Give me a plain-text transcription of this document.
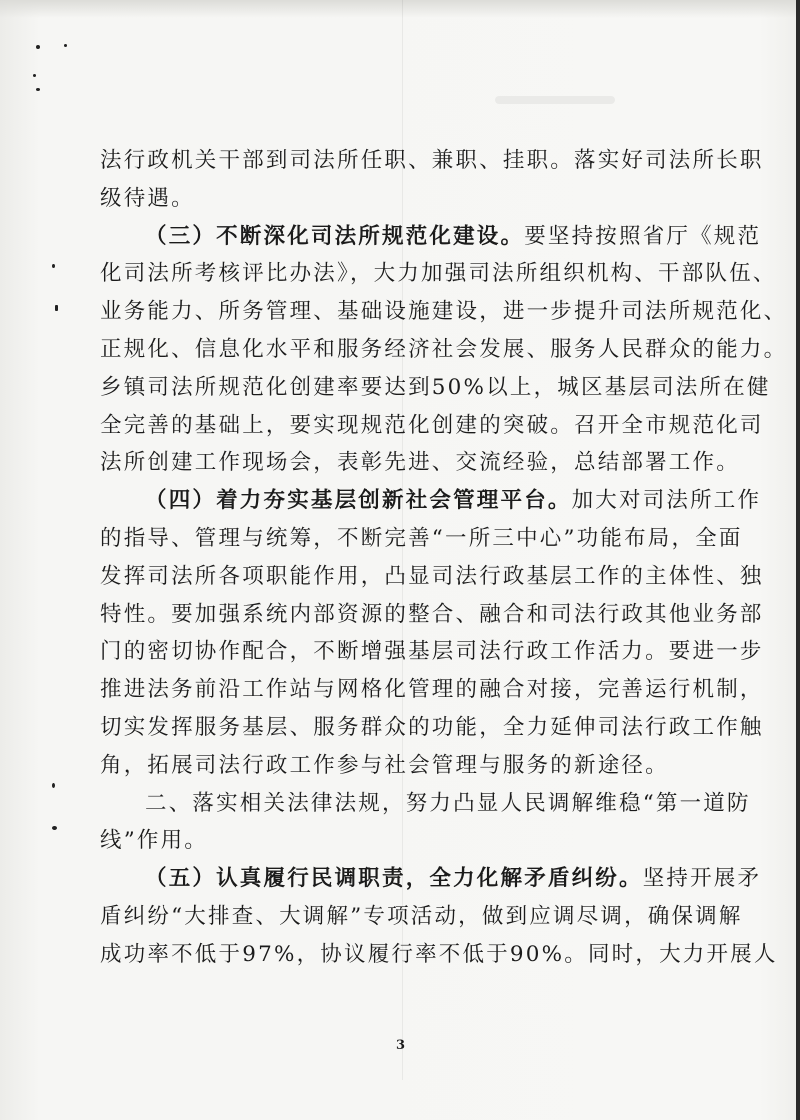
法行政机关干部到司法所任职、兼职、挂职。落实好司法所长职
级待遇。
（三）不断深化司法所规范化建设。要坚持按照省厅《规范
化司法所考核评比办法》，大力加强司法所组织机构、干部队伍、
业务能力、所务管理、基础设施建设，进一步提升司法所规范化、
正规化、信息化水平和服务经济社会发展、服务人民群众的能力。
乡镇司法所规范化创建率要达到50%以上，城区基层司法所在健
全完善的基础上，要实现规范化创建的突破。召开全市规范化司
法所创建工作现场会，表彰先进、交流经验，总结部署工作。
（四）着力夯实基层创新社会管理平台。加大对司法所工作
的指导、管理与统筹，不断完善“一所三中心”功能布局，全面
发挥司法所各项职能作用，凸显司法行政基层工作的主体性、独
特性。要加强系统内部资源的整合、融合和司法行政其他业务部
门的密切协作配合，不断增强基层司法行政工作活力。要进一步
推进法务前沿工作站与网格化管理的融合对接，完善运行机制，
切实发挥服务基层、服务群众的功能，全力延伸司法行政工作触
角，拓展司法行政工作参与社会管理与服务的新途径。
二、落实相关法律法规，努力凸显人民调解维稳“第一道防
线”作用。
（五）认真履行民调职责，全力化解矛盾纠纷。坚持开展矛
盾纠纷“大排查、大调解”专项活动，做到应调尽调，确保调解
成功率不低于97%，协议履行率不低于90%。同时，大力开展人
3
